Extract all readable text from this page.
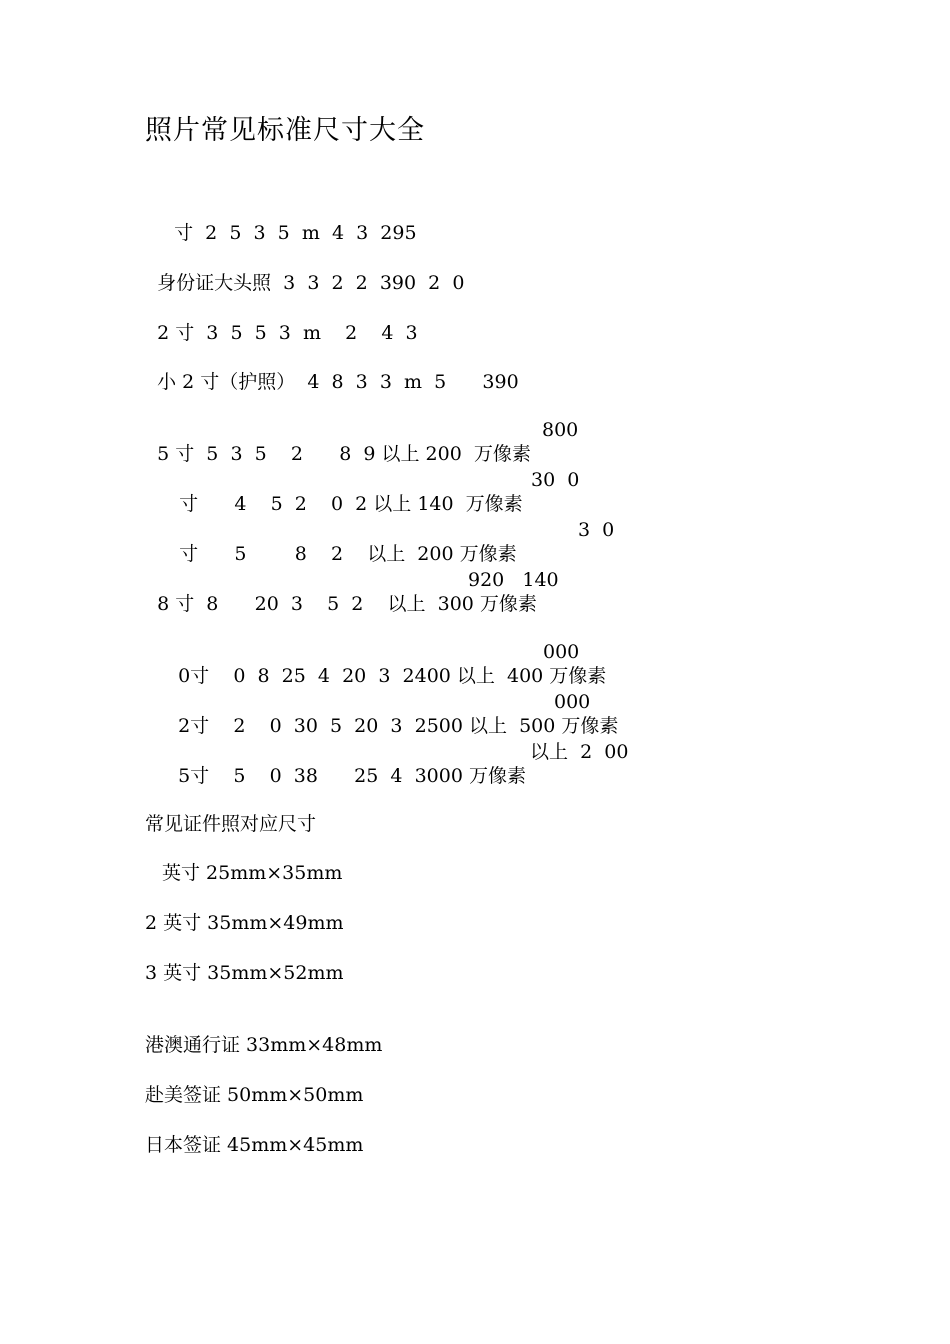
照片常见标准尺寸大全

寸  2  5  3  5  m  4  3  295

身份证大头照  3  3  2  2  390  2  0

2 寸  3  5  5  3  m    2    4  3

小 2 寸（护照）  4  8  3  3  m  5      390

5 寸  5  3  5    2      8  9 以上 200  万像素

800

寸      4    5  2    0  2 以上 140  万像素

30  0

寸      5        8    2    以上  200 万像素

3  0

8 寸  8      20  3    5  2    以上  300 万像素

920   140

0寸    0  8  25  4  20  3  2400 以上  400 万像素

000

2寸    2    0  30  5  20  3  2500 以上  500 万像素

000

5寸    5    0  38      25  4  3000 万像素

以上  2  00
常见证件照对应尺寸
英寸 25mm×35mm
2 英寸 35mm×49mm
3 英寸 35mm×52mm
港澳通行证 33mm×48mm
赴美签证 50mm×50mm
日本签证 45mm×45mm
